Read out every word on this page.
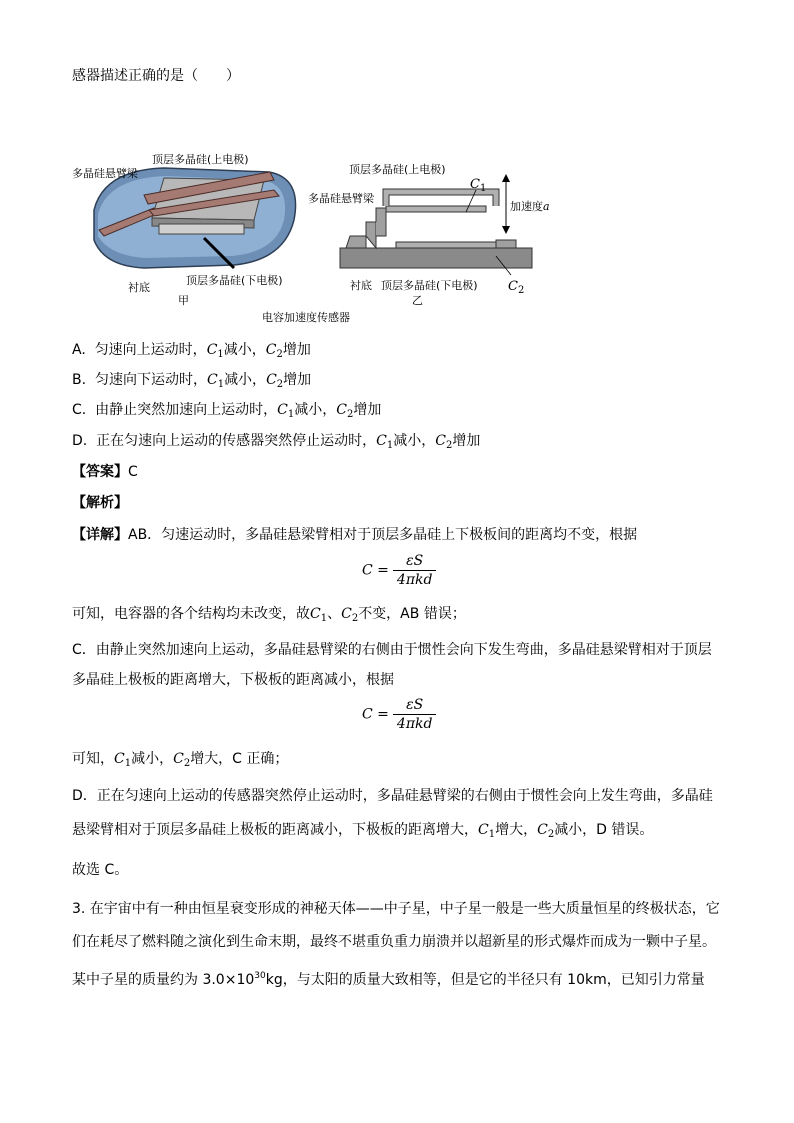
感器描述正确的是（　　）
顶层多晶硅(上电极)
多晶硅悬臂梁
顶层多晶硅(下电极)
衬底
甲
顶层多晶硅(上电极)
$C_1$
加速度a
多晶硅悬臂梁
衬底 顶层多晶硅(下电极) $C_2$
乙
电容加速度传感器
A. 匀速向上运动时，$C_1$减小，$C_2$增加
B. 匀速向下运动时，$C_1$减小，$C_2$增加
C. 由静止突然加速向上运动时，$C_1$减小，$C_2$增加
D. 正在匀速向上运动的传感器突然停止运动时，$C_1$减小，$C_2$增加
【答案】C
【解析】
【详解】AB．匀速运动时，多晶硅悬梁臂相对于顶层多晶硅上下极板间的距离均不变，根据
$C = \frac{\varepsilon S}{\text{4πkd}}$
可知，电容器的各个结构均未改变，故$C_1$、$C_2$不变，AB 错误；
C．由静止突然加速向上运动，多晶硅悬臂梁的右侧由于惯性会向下发生弯曲，多晶硅悬梁臂相对于顶层
多晶硅上极板的距离增大，下极板的距离减小，根据
$C = \frac{\varepsilon S}{\text{4πkd}}$
可知，$C_1$减小，$C_2$增大，C 正确；
D．正在匀速向上运动的传感器突然停止运动时，多晶硅悬臂梁的右侧由于惯性会向上发生弯曲，多晶硅
悬梁臂相对于顶层多晶硅上极板的距离减小，下极板的距离增大，$C_1$增大，$C_2$减小，D 错误。
故选 C。
3. 在宇宙中有一种由恒星衰变形成的神秘天体——中子星，中子星一般是一些大质量恒星的终极状态，它
们在耗尽了燃料随之演化到生命末期，最终不堪重负重力崩溃并以超新星的形式爆炸而成为一颗中子星。
某中子星的质量约为 $3.0\times 10^{30}kg$，与太阳的质量大致相等，但是它的半径只有 10km，已知引力常量
